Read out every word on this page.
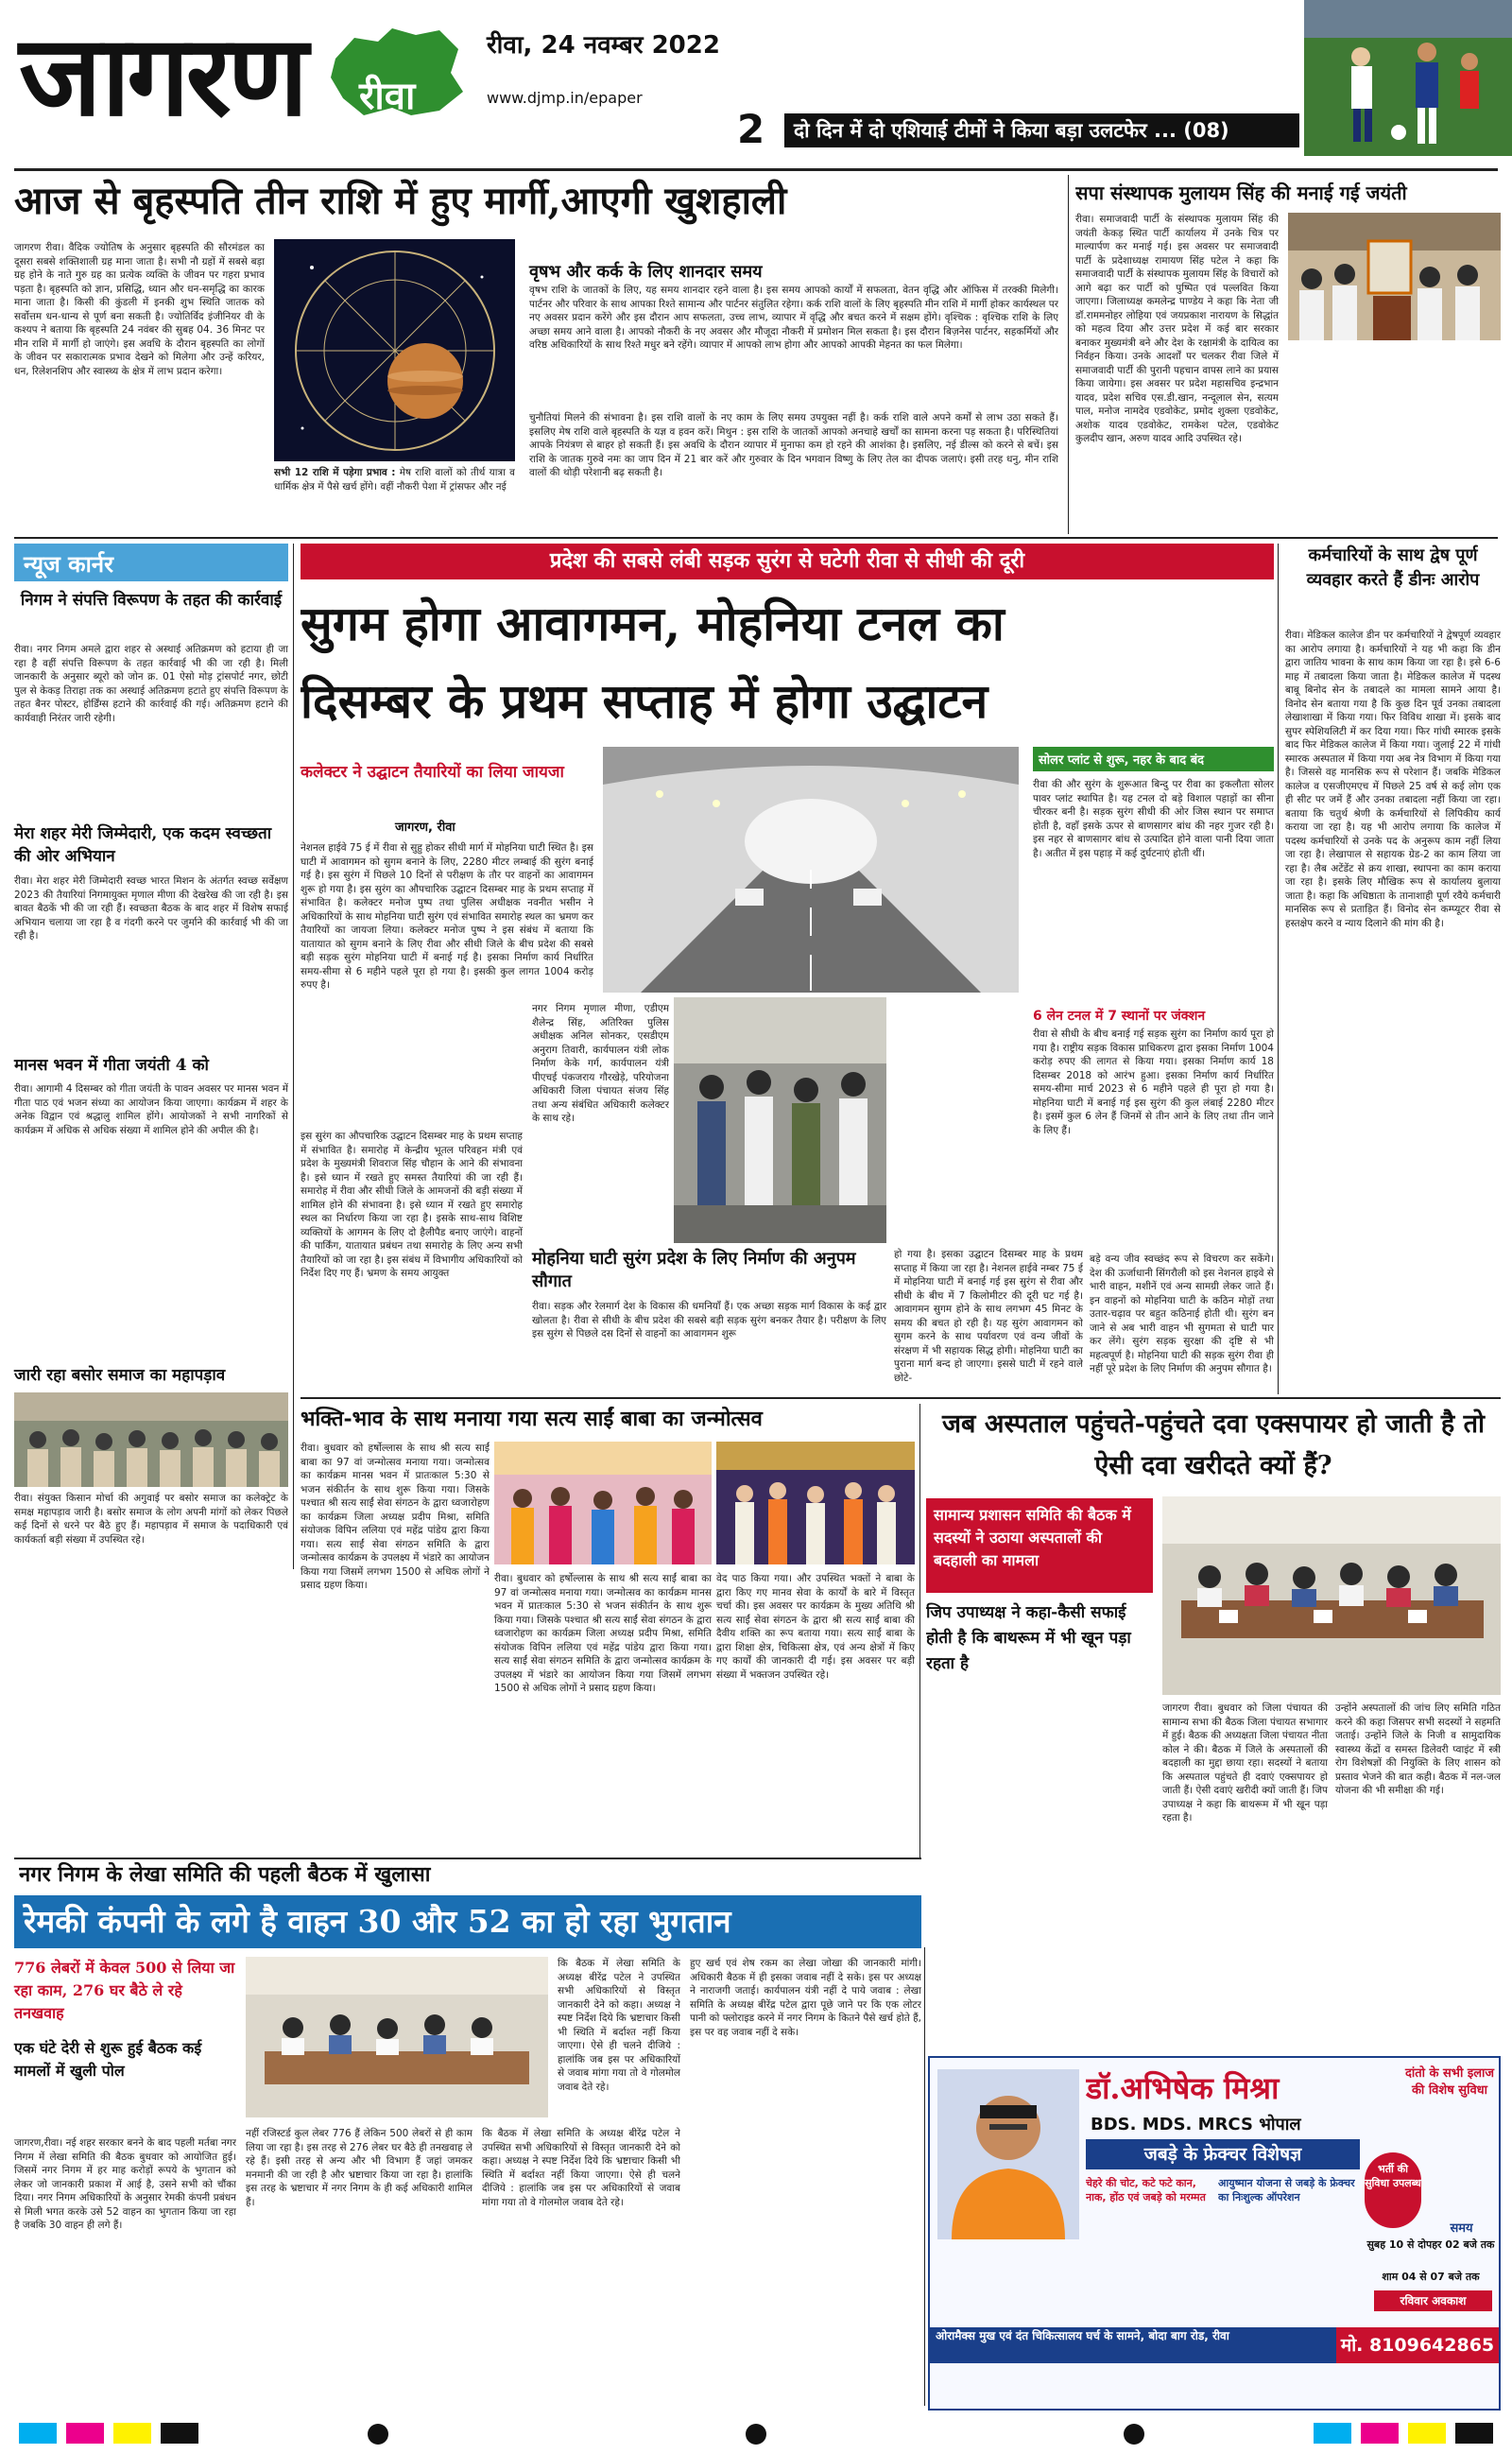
जागरण	रीवा
रीवा, 24 नवम्बर 2022
www.djmp.in/epaper
2	दो दिन में दो एशियाई टीमों ने किया बड़ा उलटफेर ... (08)
आज से बृहस्पति तीन राशि में हुए मार्गी,आएगी खुशहाली
जागरण रीवा। वैदिक ज्योतिष के अनुसार बृहस्पति की सौरमंडल का दूसरा सबसे शक्तिशाली ग्रह माना जाता है। सभी नौ ग्रहों में सबसे बड़ा ग्रह होने के नाते गुरु ग्रह का प्रत्येक व्यक्ति के जीवन पर गहरा प्रभाव पड़ता है। बृहस्पति को ज्ञान, प्रसिद्धि, ध्यान और धन-समृद्धि का कारक माना जाता है। किसी की कुंडली में इनकी शुभ स्थिति जातक को सर्वोत्तम धन-धान्य से पूर्ण बना सकती है। ज्योतिर्विद इंजीनियर वी के कश्यप ने बताया कि बृहस्पति 24 नवंबर की सुबह 04. 36 मिनट पर मीन राशि में मार्गी हो जाएंगे। इस अवधि के दौरान बृहस्पति का लोगों के जीवन पर सकारात्मक प्रभाव देखने को मिलेगा और उन्हें करियर, धन, रिलेशनशिप और स्वास्थ्य के क्षेत्र में लाभ प्रदान करेगा।
सभी 12 राशि में पड़ेगा प्रभाव : मेष राशि वालों को तीर्थ यात्रा व धार्मिक क्षेत्र में पैसे खर्च होंगे। वहीं नौकरी पेशा में ट्रांसफर और नई
वृषभ और कर्क के लिए शानदार समय
वृषभ राशि के जातकों के लिए, यह समय शानदार रहने वाला है। इस समय आपको कार्यों में सफलता, वेतन वृद्धि और ऑफिस में तरक्की मिलेगी। पार्टनर और परिवार के साथ आपका रिश्ते सामान्य और पार्टनर संतुलित रहेगा। कर्क राशि वालों के लिए बृहस्पति मीन राशि में मार्गी होकर कार्यस्थल पर नए अवसर प्रदान करेंगे और इस दौरान आप सफलता, उच्च लाभ, व्यापार में वृद्धि और बचत करने में सक्षम होंगे। वृश्चिक : वृश्चिक राशि के लिए अच्छा समय आने वाला है। आपको नौकरी के नए अवसर और मौजूदा नौकरी में प्रमोशन मिल सकता है। इस दौरान बिज़नेस पार्टनर, सहकर्मियों और वरिष्ठ अधिकारियों के साथ रिश्ते मधुर बने रहेंगे। व्यापार में आपको लाभ होगा और आपको आपकी मेहनत का फल मिलेगा।
चुनौतियां मिलने की संभावना है। इस राशि वालों के नए काम के लिए समय उपयुक्त नहीं है। कर्क राशि वाले अपने कर्मों से लाभ उठा सकते हैं। इसलिए मेष राशि वाले बृहस्पति के यज्ञ व हवन करें। मिथुन : इस राशि के जातकों आपको अनचाहे खर्चों का सामना करना पड़ सकता है। परिस्थितियां आपके नियंत्रण से बाहर हो सकती हैं। इस अवधि के दौरान व्यापार में मुनाफा कम हो रहने की आशंका है। इसलिए, नई डील्स को करने से बचें। इस राशि के जातक गुरुवे नमः का जाप दिन में 21 बार करें और गुरुवार के दिन भगवान विष्णु के लिए तेल का दीपक जलाएं। इसी तरह धनु, मीन राशि वालों की थोड़ी परेशानी बढ़ सकती है।
सपा संस्थापक मुलायम सिंह की मनाई गई जयंती
रीवा। समाजवादी पार्टी के संस्थापक मुलायम सिंह की जयंती केकड़ स्थित पार्टी कार्यालय में उनके चित्र पर माल्यार्पण कर मनाई गई। इस अवसर पर समाजवादी पार्टी के प्रदेशाध्यक्ष रामायण सिंह पटेल ने कहा कि समाजवादी पार्टी के संस्थापक मुलायम सिंह के विचारों को आगे बढ़ा कर पार्टी को पुष्पित एवं पल्लवित किया जाएगा। जिलाध्यक्ष कमलेन्द्र पाण्डेय ने कहा कि नेता जी डॉ.राममनोहर लोहिया एवं जयप्रकाश नारायण के सिद्धांत को महत्व दिया और उत्तर प्रदेश में कई बार सरकार बनाकर मुख्यमंत्री बने और देश के रक्षामंत्री के दायित्व का निर्वहन किया। उनके आदर्शों पर चलकर रीवा जिले में समाजवादी पार्टी की पुरानी पहचान वापस लाने का प्रयास किया जायेगा। इस अवसर पर प्रदेश महासचिव इन्द्रभान यादव, प्रदेश सचिव एस.डी.खान, नन्दूलाल सेन, सत्यम पाल, मनोज नामदेव एडवोकेट, प्रमोद शुक्ला एडवोकेट, अशोक यादव एडवोकेट, रामकेश पटेल, एडवोकेट कुलदीप खान, अरुण यादव आदि उपस्थित रहे।
न्यूज कार्नर
निगम ने संपत्ति विरूपण के तहत की कार्रवाई
रीवा। नगर निगम अमले द्वारा शहर से अस्थाई अतिक्रमण को हटाया ही जा रहा है वहीं संपत्ति विरूपण के तहत कार्रवाई भी की जा रही है। मिली जानकारी के अनुसार ब्यूरो को जोन क्र. 01 ऐसो मोड़ ट्रांसपोर्ट नगर, छोटी पुल से केकड़ तिराहा तक का अस्थाई अतिक्रमण हटाते हुए संपत्ति विरूपण के तहत बैनर पोस्टर, होर्डिंग्स हटाने की कार्रवाई की गई। अतिक्रमण हटाने की कार्यवाही निरंतर जारी रहेगी।
मेरा शहर मेरी जिम्मेदारी, एक कदम स्वच्छता की ओर अभियान
रीवा। मेरा शहर मेरी जिम्मेदारी स्वच्छ भारत मिशन के अंतर्गत स्वच्छ सर्वेक्षण 2023 की तैयारियां निगमायुक्त मृणाल मीणा की देखरेख की जा रही है। इस बावत बैठकें भी की जा रही हैं। स्वच्छता बैठक के बाद शहर में विशेष सफाई अभियान चलाया जा रहा है व गंदगी करने पर जुर्माने की कार्रवाई भी की जा रही है।
मानस भवन में गीता जयंती 4 को
रीवा। आगामी 4 दिसम्बर को गीता जयंती के पावन अवसर पर मानस भवन में गीता पाठ एवं भजन संध्या का आयोजन किया जाएगा। कार्यक्रम में शहर के अनेक विद्वान एवं श्रद्धालु शामिल होंगे। आयोजकों ने सभी नागरिकों से कार्यक्रम में अधिक से अधिक संख्या में शामिल होने की अपील की है।
जारी रहा बसोर समाज का महापड़ाव
रीवा। संयुक्त किसान मोर्चा की अगुवाई पर बसोर समाज का कलेक्ट्रेट के समक्ष महापड़ाव जारी है। बसोर समाज के लोग अपनी मांगों को लेकर पिछले कई दिनों से धरने पर बैठे हुए हैं। महापड़ाव में समाज के पदाधिकारी एवं कार्यकर्ता बड़ी संख्या में उपस्थित रहे।
प्रदेश की सबसे लंबी सड़क सुरंग से घटेगी रीवा से सीधी की दूरी
सुगम होगा आवागमन, मोहनिया टनल का दिसम्बर के प्रथम सप्ताह में होगा उद्घाटन
कलेक्टर ने उद्घाटन तैयारियों का लिया जायजा
जागरण, रीवा
नेशनल हाईवे 75 ई में रीवा से सुहु होकर सीधी मार्ग में मोहनिया घाटी स्थित है। इस घाटी में आवागमन को सुगम बनाने के लिए, 2280 मीटर लम्बाई की सुरंग बनाई गई है। इस सुरंग में पिछले 10 दिनों से परीक्षण के तौर पर वाहनों का आवागमन शुरू हो गया है। इस सुरंग का औपचारिक उद्घाटन दिसम्बर माह के प्रथम सप्ताह में संभावित है। कलेक्टर मनोज पुष्प तथा पुलिस अधीक्षक नवनीत भसीन ने अधिकारियों के साथ मोहनिया घाटी सुरंग एवं संभावित समारोह स्थल का भ्रमण कर तैयारियों का जायजा लिया। कलेक्टर मनोज पुष्प ने इस संबंध में बताया कि यातायात को सुगम बनाने के लिए रीवा और सीधी जिले के बीच प्रदेश की सबसे बड़ी सड़क सुरंग मोहनिया घाटी में बनाई गई है। इसका निर्माण कार्य निर्धारित समय-सीमा से 6 महीने पहले पूरा हो गया है। इसकी कुल लागत 1004 करोड़ रुपए है।
इस सुरंग का औपचारिक उद्घाटन दिसम्बर माह के प्रथम सप्ताह में संभावित है। समारोह में केन्द्रीय भूतल परिवहन मंत्री एवं प्रदेश के मुख्यमंत्री शिवराज सिंह चौहान के आने की संभावना है। इसे ध्यान में रखते हुए समस्त तैयारियां की जा रही हैं। समारोह में रीवा और सीधी जिले के आमजनों की बड़ी संख्या में शामिल होने की संभावना है। इसे ध्यान में रखते हुए समारोह स्थल का निर्धारण किया जा रहा है। इसके साथ-साथ विशिष्ट व्यक्तियों के आगमन के लिए दो हैलीपैड बनाए जाएंगे। वाहनों की पार्किंग, यातायात प्रबंधन तथा समारोह के लिए अन्य सभी तैयारियों को जा रहा है। इस संबंध में विभागीय अधिकारियों को निर्देश दिए गए हैं। भ्रमण के समय आयुक्त
नगर निगम मृणाल मीणा, एडीएम शैलेन्द्र सिंह, अतिरिक्त पुलिस अधीक्षक अनिल सोनकर, एसडीएम अनुराग तिवारी, कार्यपालन यंत्री लोक निर्माण केके गर्ग, कार्यपालन यंत्री पीएचई पंकजराय गौरखेड़े, परियोजना अधिकारी जिला पंचायत संजय सिंह तथा अन्य संबंधित अधिकारी कलेक्टर के साथ रहे।
मोहनिया घाटी सुरंग प्रदेश के लिए निर्माण की अनुपम सौगात
रीवा। सड़क और रेलमार्ग देश के विकास की धमनियाँ हैं। एक अच्छा सड़क मार्ग विकास के कई द्वार खोलता है। रीवा से सीधी के बीच प्रदेश की सबसे बड़ी सड़क सुरंग बनकर तैयार है। परीक्षण के लिए इस सुरंग से पिछले दस दिनों से वाहनों का आवागमन शुरू
हो गया है। इसका उद्घाटन दिसम्बर माह के प्रथम सप्ताह में किया जा रहा है। नेशनल हाईवे नम्बर 75 ई में मोहनिया घाटी में बनाई गई इस सुरंग से रीवा और सीधी के बीच में 7 किलोमीटर की दूरी घट गई है। आवागमन सुगम होने के साथ लगभग 45 मिनट के समय की बचत हो रही है। यह सुरंग आवागमन को सुगम करने के साथ पर्यावरण एवं वन्य जीवों के संरक्षण में भी सहायक सिद्ध होगी। मोहनिया घाटी का पुराना मार्ग बन्द हो जाएगा। इससे घाटी में रहने वाले छोटे-
सोलर प्लांट से शुरू, नहर के बाद बंद
रीवा की और सुरंग के शुरूआत बिन्दु पर रीवा का इकलौता सोलर पावर प्लांट स्थापित है। यह टनल दो बड़े विशाल पहाड़ों का सीना चीरकर बनी है। सड़क सुरंग सीधी की ओर जिस स्थान पर समाप्त होती है, वहाँ इसके ऊपर से बाणसागर बांध की नहर गुजर रही है। इस नहर से बाणसागर बांध से उत्पादित होने वाला पानी दिया जाता है। अतीत में इस पहाड़ में कई दुर्घटनाएं होती थीं।
6 लेन टनल में 7 स्थानों पर जंक्शन
रीवा से सीधी के बीच बनाई गई सड़क सुरंग का निर्माण कार्य पूरा हो गया है। राष्ट्रीय सड़क विकास प्राधिकरण द्वारा इसका निर्माण 1004 करोड़ रुपए की लागत से किया गया। इसका निर्माण कार्य 18 दिसम्बर 2018 को आरंभ हुआ। इसका निर्माण कार्य निर्धारित समय-सीमा मार्च 2023 से 6 महीने पहले ही पूरा हो गया है। मोहनिया घाटी में बनाई गई इस सुरंग की कुल लंबाई 2280 मीटर है। इसमें कुल 6 लेन हैं जिनमें से तीन आने के लिए तथा तीन जाने के लिए हैं।
बड़े वन्य जीव स्वच्छंद रूप से विचरण कर सकेंगे। देश की ऊर्जाधानी सिंगरौली को इस नेशनल हाइवे से भारी वाहन, मशीनें एवं अन्य सामग्री लेकर जाते हैं। इन वाहनों को मोहनिया घाटी के कठिन मोड़ों तथा उतार-चढ़ाव पर बहुत कठिनाई होती थी। सुरंग बन जाने से अब भारी वाहन भी सुगमता से घाटी पार कर लेंगे। सुरंग सड़क सुरक्षा की दृष्टि से भी महत्वपूर्ण है। मोहनिया घाटी की सड़क सुरंग रीवा ही नहीं पूरे प्रदेश के लिए निर्माण की अनुपम सौगात है।
कर्मचारियों के साथ द्वेष पूर्ण व्यवहार करते हैं डीनः आरोप
रीवा। मेडिकल कालेज डीन पर कर्मचारियों ने द्वेषपूर्ण व्यवहार का आरोप लगाया है। कर्मचारियों ने यह भी कहा कि डीन द्वारा जातिय भावना के साथ काम किया जा रहा है। इसे 6-6 माह में तबादला किया जाता है। मेडिकल कालेज में पदस्थ बाबू बिनोद सेन के तबादले का मामला सामने आया है। विनोद सेन बताया गया है कि कुछ दिन पूर्व उनका तबादला लेखाशाखा में किया गया। फिर विविध शाखा में। इसके बाद सुपर स्पेशियलिटी में कर दिया गया। फिर गांधी स्मारक इसके बाद फिर मेडिकल कालेज में किया गया। जुलाई 22 में गांधी स्मारक अस्पताल में किया गया अब नेत्र विभाग में किया गया है। जिससे वह मानसिक रूप से परेशान हैं। जबकि मेडिकल कालेज व एसजीएमएच में पिछले 25 वर्ष से कई लोग एक ही सीट पर जमें हैं और उनका तबादला नहीं किया जा रहा। बताया कि चतुर्थ श्रेणी के कर्मचारियों से लिपिकीय कार्य कराया जा रहा है। यह भी आरोप लगाया कि कालेज में पदस्थ कर्मचारियों से उनके पद के अनुरूप काम नहीं लिया जा रहा है। लेखापाल से सहायक ग्रेड-2 का काम लिया जा रहा है। लैब अटेंडेंट से क्रय शाखा, स्थापना का काम कराया जा रहा है। इसके लिए मौखिक रूप से कार्यालय बुलाया जाता है। कहा कि अधिष्ठाता के तानाशाही पूर्ण रवैये कर्मचारी मानसिक रूप से प्रताड़ित हैं। विनोद सेन कम्प्यूटर रीवा से हस्तक्षेप करने व न्याय दिलाने की मांग की है।
भक्ति-भाव के साथ मनाया गया सत्य साईं बाबा का जन्मोत्सव
रीवा। बुधवार को हर्षोल्लास के साथ श्री सत्य साईं बाबा का 97 वां जन्मोत्सव मनाया गया। जन्मोत्सव का कार्यक्रम मानस भवन में प्रातःकाल 5:30 से भजन संकीर्तन के साथ शुरू किया गया। जिसके पश्चात श्री सत्य साईं सेवा संगठन के द्वारा ध्वजारोहण का कार्यक्रम जिला अध्यक्ष प्रदीप मिश्रा, समिति संयोजक विपिन ललिया एवं महेंद्र पांडेय द्वारा किया गया। सत्य साईं सेवा संगठन समिति के द्वारा जन्मोत्सव कार्यक्रम के उपलक्ष्य में भंडारे का आयोजन किया गया जिसमें लगभग 1500 से अधिक लोगों ने प्रसाद ग्रहण किया।
रीवा। बुधवार को हर्षोल्लास के साथ श्री सत्य साईं बाबा का 97 वां जन्मोत्सव मनाया गया। जन्मोत्सव का कार्यक्रम मानस भवन में प्रातःकाल 5:30 से भजन संकीर्तन के साथ शुरू किया गया। जिसके पश्चात श्री सत्य साईं सेवा संगठन के द्वारा ध्वजारोहण का कार्यक्रम जिला अध्यक्ष प्रदीप मिश्रा, समिति संयोजक विपिन ललिया एवं महेंद्र पांडेय द्वारा किया गया। सत्य साईं सेवा संगठन समिति के द्वारा जन्मोत्सव कार्यक्रम के उपलक्ष्य में भंडारे का आयोजन किया गया जिसमें लगभग 1500 से अधिक लोगों ने प्रसाद ग्रहण किया।
वेद पाठ किया गया। और उपस्थित भक्तों ने बाबा के द्वारा किए गए मानव सेवा के कार्यों के बारे में विस्तृत चर्चा की। इस अवसर पर कार्यक्रम के मुख्य अतिथि श्री सत्य साईं सेवा संगठन के द्वारा श्री सत्य साईं बाबा की दैवीय शक्ति का रूप बताया गया। सत्य साईं बाबा के द्वारा शिक्षा क्षेत्र, चिकित्सा क्षेत्र, एवं अन्य क्षेत्रों में किए गए कार्यों की जानकारी दी गई। इस अवसर पर बड़ी संख्या में भक्तजन उपस्थित रहे।
जब अस्पताल पहुंचते-पहुंचते दवा एक्सपायर हो जाती है तो ऐसी दवा खरीदते क्यों हैं?
सामान्य प्रशासन समिति की बैठक में सदस्यों ने उठाया अस्पतालों की बदहाली का मामला
जिप उपाध्यक्ष ने कहा-कैसी सफाई होती है कि बाथरूम में भी खून पड़ा रहता है
जागरण रीवा। बुधवार को जिला पंचायत की सामान्य सभा की बैठक जिला पंचायत सभागार में हुई। बैठक की अध्यक्षता जिला पंचायत नीता कोल ने की। बैठक में जिले के अस्पतालों की बदहाली का मुद्दा छाया रहा। सदस्यों ने बताया कि अस्पताल पहुंचते ही दवाएं एक्सपायर हो जाती हैं। ऐसी दवाएं खरीदी क्यों जाती हैं। जिप उपाध्यक्ष ने कहा कि बाथरूम में भी खून पड़ा रहता है।
उन्होंने अस्पतालों की जांच लिए समिति गठित करने की कहा जिसपर सभी सदस्यों ने सहमति जताई। उन्होंने जिले के निजी व सामुदायिक स्वास्थ्य केंद्रों व समस्त डिलेवरी प्वाइंट में स्त्री रोग विशेषज्ञों की नियुक्ति के लिए शासन को प्रस्ताव भेजने की बात कही। बैठक में नल-जल योजना की भी समीक्षा की गई।
नगर निगम के लेखा समिति की पहली बैठक में खुलासा
रेमकी कंपनी के लगे है वाहन 30 और 52 का हो रहा भुगतान
776 लेबरों में केवल 500 से लिया जा रहा काम, 276 घर बैठे ले रहे तनखवाह
एक घंटे देरी से शुरू हुई बैठक कई मामलों में खुली पोल
जागरण,रीवा। नई शहर सरकार बनने के बाद पहली मर्तबा नगर निगम में लेखा समिति की बैठक बुधवार को आयोजित हुई। जिसमें नगर निगम में हर माह करोड़ों रूपये के भुगतान को लेकर जो जानकारी प्रकाश में आई है, उसने सभी को चौंका दिया। नगर निगम अधिकारियों के अनुसार रेमकी कंपनी प्रबंधन से मिली भगत करके उसे 52 वाहन का भुगतान किया जा रहा है जबकि 30 वाहन ही लगे हैं।
नहीं रजिस्टर्ड कुल लेबर 776 हैं लेकिन 500 लेबरों से ही काम लिया जा रहा है। इस तरह से 276 लेबर घर बैठे ही तनखवाह ले रहे हैं। इसी तरह से अन्य और भी विभाग हैं जहां जमकर मनमानी की जा रही है और भ्रष्टाचार किया जा रहा है। हालांकि इस तरह के भ्रष्टाचार में नगर निगम के ही कई अधिकारी शामिल हैं।
कि बैठक में लेखा समिति के अध्यक्ष बीरेंद्र पटेल ने उपस्थित सभी अधिकारियों से विस्तृत जानकारी देने को कहा। अध्यक्ष ने स्पष्ट निर्देश दिये कि भ्रष्टाचार किसी भी स्थिति में बर्दाश्त नहीं किया जाएगा। ऐसे ही चलने दीजिये : हालांकि जब इस पर अधिकारियों से जवाब मांगा गया तो वे गोलमोल जवाब देते रहे।
कि बैठक में लेखा समिति के अध्यक्ष बीरेंद्र पटेल ने उपस्थित सभी अधिकारियों से विस्तृत जानकारी देने को कहा। अध्यक्ष ने स्पष्ट निर्देश दिये कि भ्रष्टाचार किसी भी स्थिति में बर्दाश्त नहीं किया जाएगा। ऐसे ही चलने दीजिये : हालांकि जब इस पर अधिकारियों से जवाब मांगा गया तो वे गोलमोल जवाब देते रहे।
हुए खर्च एवं शेष रकम का लेखा जोखा की जानकारी मांगी। अधिकारी बैठक में ही इसका जवाब नहीं दे सके। इस पर अध्यक्ष ने नाराजगी जताई। कार्यपालन यंत्री नहीं दे पाये जवाब : लेखा समिति के अध्यक्ष बीरेंद्र पटेल द्वारा पूछे जाने पर कि एक लोटर पानी को फ्लोराइड करने में नगर निगम के कितने पैसे खर्च होते हैं, इस पर वह जवाब नहीं दे सके।
डॉ.अभिषेक मिश्रा
BDS. MDS. MRCS भोपाल
जबड़े के फ्रेक्चर विशेषज्ञ
चेहरे की चोट, कटे फटे कान, नाक, होंठ एवं जबड़े को मरम्मत
आयुष्मान योजना से जबड़े के फ्रेक्चर का निःशुल्क ऑपरेशन
भर्ती की सुविधा उपलब्ध
दांतो के सभी इलाज की विशेष सुविधा
समय
सुबह 10 से दोपहर 02 बजे तक
शाम 04 से 07 बजे तक
रविवार अवकाश
ओरामैक्स मुख एवं दंत चिकित्सालय घर्च के सामने, बोदा बाग रोड, रीवा	मो. 8109642865
